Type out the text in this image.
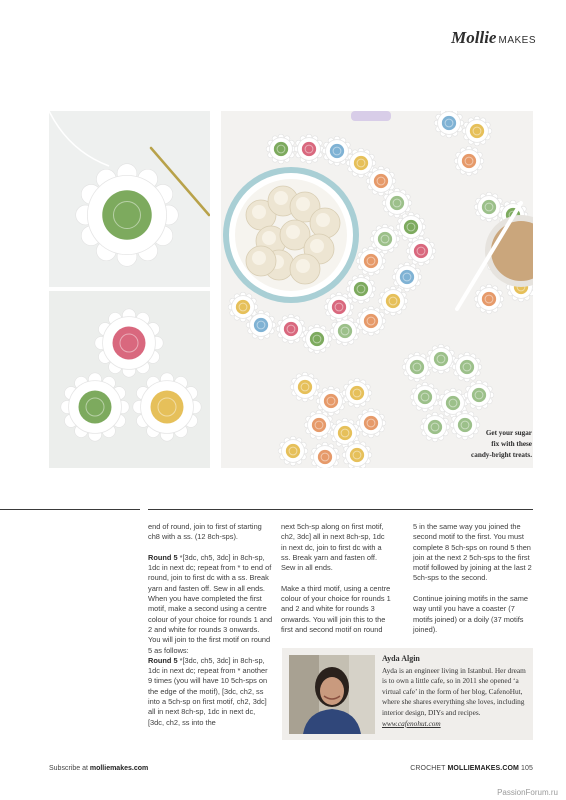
Mollie MAKES
Get your sugar
fix with these
candy-bright treats.

end of round, join to first of starting ch8 with a ss. (12 8ch-sps).

Round 5 *[3dc, ch5, 3dc] in 8ch-sp, 1dc in next dc; repeat from * to end of round, join to first dc with a ss. Break yarn and fasten off. Sew in all ends.

When you have completed the first motif, make a second using a centre colour of your choice for rounds 1 and 2 and white for rounds 3 onwards. You will join to the first motif on round 5 as follows:

Round 5 *[3dc, ch5, 3dc] in 8ch-sp, 1dc in next dc; repeat from * another 9 times (you will have 10 5ch-sps on the edge of the motif), [3dc, ch2, ss into a 5ch-sp on first motif, ch2, 3dc] all in next 8ch-sp, 1dc in next dc, [3dc, ch2, ss into the

next 5ch-sp along on first motif, ch2, 3dc] all in next 8ch-sp, 1dc in next dc, join to first dc with a ss. Break yarn and fasten off. Sew in all ends.

Make a third motif, using a centre colour of your choice for rounds 1 and 2 and white for rounds 3 onwards. You will join this to the first and second motif on round

5 in the same way you joined the second motif to the first. You must complete 8 5ch-sps on round 5 then join at the next 2 5ch-sps to the first motif followed by joining at the last 2 5ch-sps to the second.

Continue joining motifs in the same way until you have a coaster (7 motifs joined) or a doily (37 motifs joined).

Ayda Algin
Ayda is an engineer living in Istanbul. Her dream is to own a little cafe, so in 2011 she opened ‘a virtual cafe’ in the form of her blog, CafenoHut, where she shares everything she loves, including interior design, DIYs and recipes.
www.cafenohut.com
Subscribe at molliemakes.com	CROCHET MOLLIEMAKES.COM 105
PassionForum.ru
